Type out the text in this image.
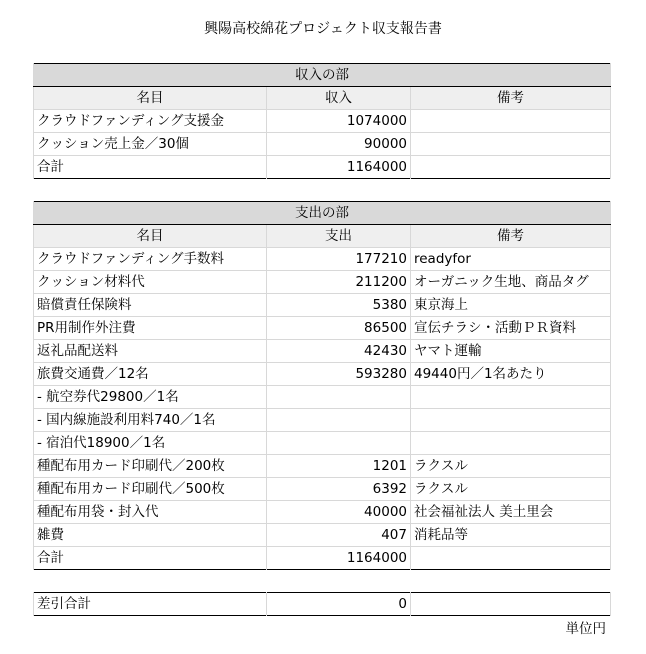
興陽高校綿花プロジェクト収支報告書
収入の部		
名目	収入	備考
クラウドファンディング支援金	1074000	
クッション売上金／30個	90000	
合計	1164000	
支出の部		
名目	支出	備考
クラウドファンディング手数料	177210	readyfor
クッション材料代	211200	オーガニック生地、商品タグ
賠償責任保険料	5380	東京海上
PR用制作外注費	86500	宣伝チラシ・活動ＰＲ資料
返礼品配送料	42430	ヤマト運輸
旅費交通費／12名	593280	49440円／1名あたり
- 航空券代29800／1名		
- 国内線施設利用料740／1名		
- 宿泊代18900／1名		
種配布用カード印刷代／200枚	1201	ラクスル
種配布用カード印刷代／500枚	6392	ラクスル
種配布用袋・封入代	40000	社会福祉法人 美土里会
雑費	407	消耗品等
合計	1164000	
差引合計	0	
単位円
